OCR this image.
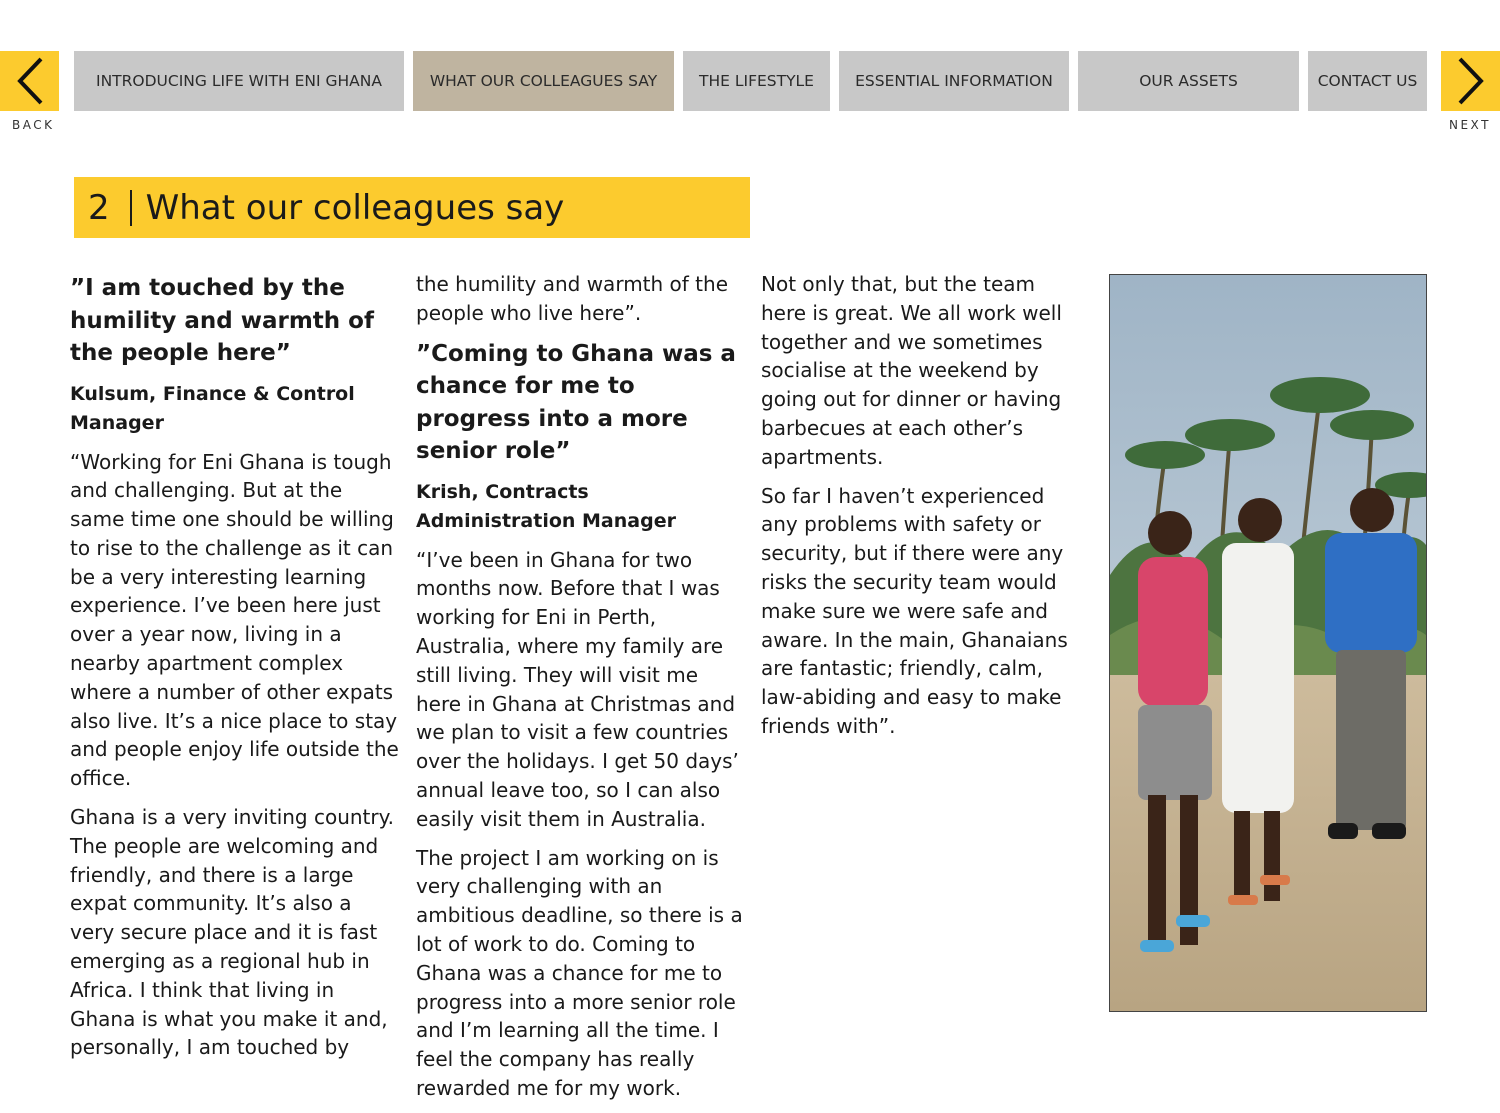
BACK
INTRODUCING LIFE WITH ENI GHANA	WHAT OUR COLLEAGUES SAY	THE LIFESTYLE	ESSENTIAL INFORMATION	OUR ASSETS	CONTACT US
NEXT
2 What our colleagues say

”I am touched by the humility and warmth of the people here”

Kulsum, Finance & Control Manager

“Working for Eni Ghana is tough and challenging. But at the same time one should be willing to rise to the challenge as it can be a very interesting learning experience. I’ve been here just over a year now, living in a nearby apartment complex where a number of other expats also live. It’s a nice place to stay and people enjoy life outside the office.

Ghana is a very inviting country. The people are welcoming and friendly, and there is a large expat community. It’s also a very secure place and it is fast emerging as a regional hub in Africa. I think that living in Ghana is what you make it and, personally, I am touched by

the humility and warmth of the people who live here”.

”Coming to Ghana was a chance for me to progress into a more senior role”

Krish, Contracts Administration Manager

“I’ve been in Ghana for two months now. Before that I was working for Eni in Perth, Australia, where my family are still living. They will visit me here in Ghana at Christmas and we plan to visit a few countries over the holidays. I get 50 days’ annual leave too, so I can also easily visit them in Australia.

The project I am working on is very challenging with an ambitious deadline, so there is a lot of work to do. Coming to Ghana was a chance for me to progress into a more senior role and I’m learning all the time. I feel the company has really rewarded me for my work.

Not only that, but the team here is great. We all work well together and we sometimes socialise at the weekend by going out for dinner or having barbecues at each other’s apartments.

So far I haven’t experienced any problems with safety or security, but if there were any risks the security team would make sure we were safe and aware. In the main, Ghanaians are fantastic; friendly, calm, law-abiding and easy to make friends with”.
